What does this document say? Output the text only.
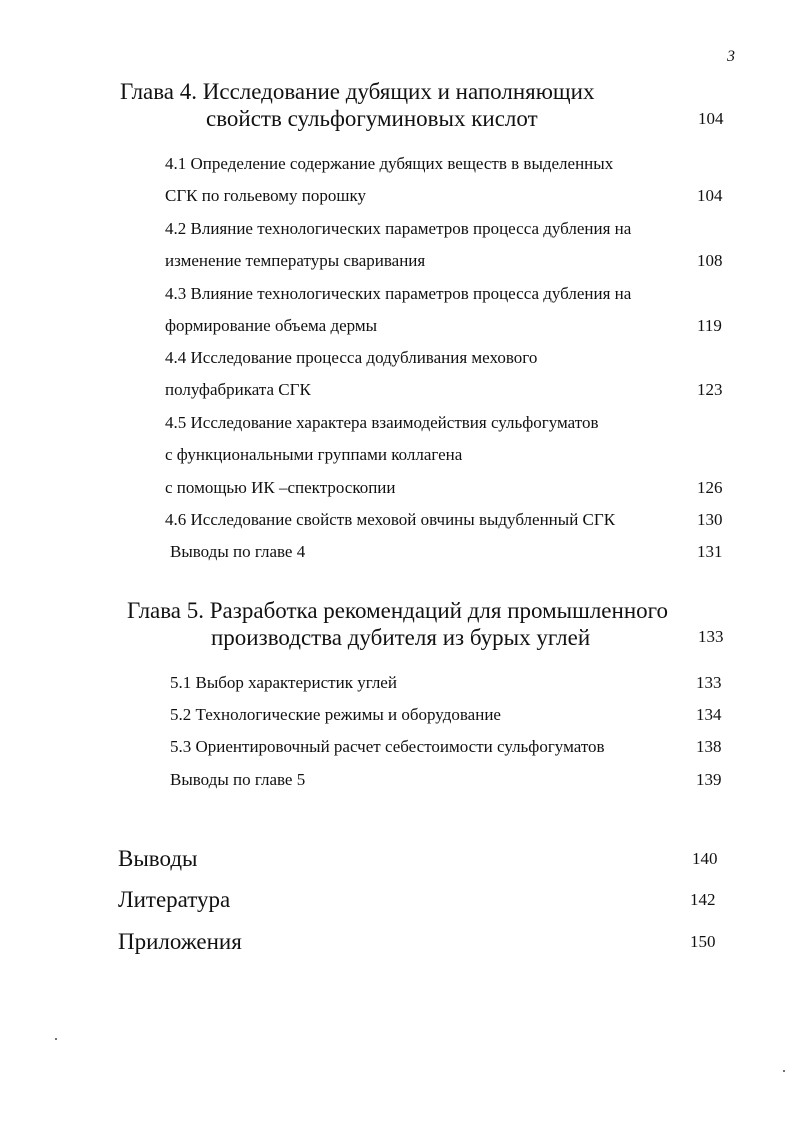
3
Глава 4. Исследование дубящих и наполняющих
свойств сульфогуминовых кислот	104
4.1 Определение содержание дубящих веществ в выделенных
СГК по гольевому порошку	104
4.2 Влияние технологических параметров процесса дубления на
изменение температуры сваривания	108
4.3 Влияние технологических параметров процесса дубления на
формирование объема дермы	119
4.4 Исследование процесса додубливания мехового
полуфабриката СГК	123
4.5 Исследование характера взаимодействия сульфогуматов
с функциональными группами коллагена
с помощью ИК –спектроскопии	126
4.6 Исследование свойств меховой овчины выдубленный СГК	130
Выводы по главе 4	131
Глава 5. Разработка рекомендаций для промышленного
производства дубителя из бурых углей	133
5.1 Выбор характеристик углей	133
5.2 Технологические режимы и оборудование	134
5.3 Ориентировочный расчет себестоимости сульфогуматов	138
Выводы по главе 5	139
Выводы	140
Литература	142
Приложения	150
